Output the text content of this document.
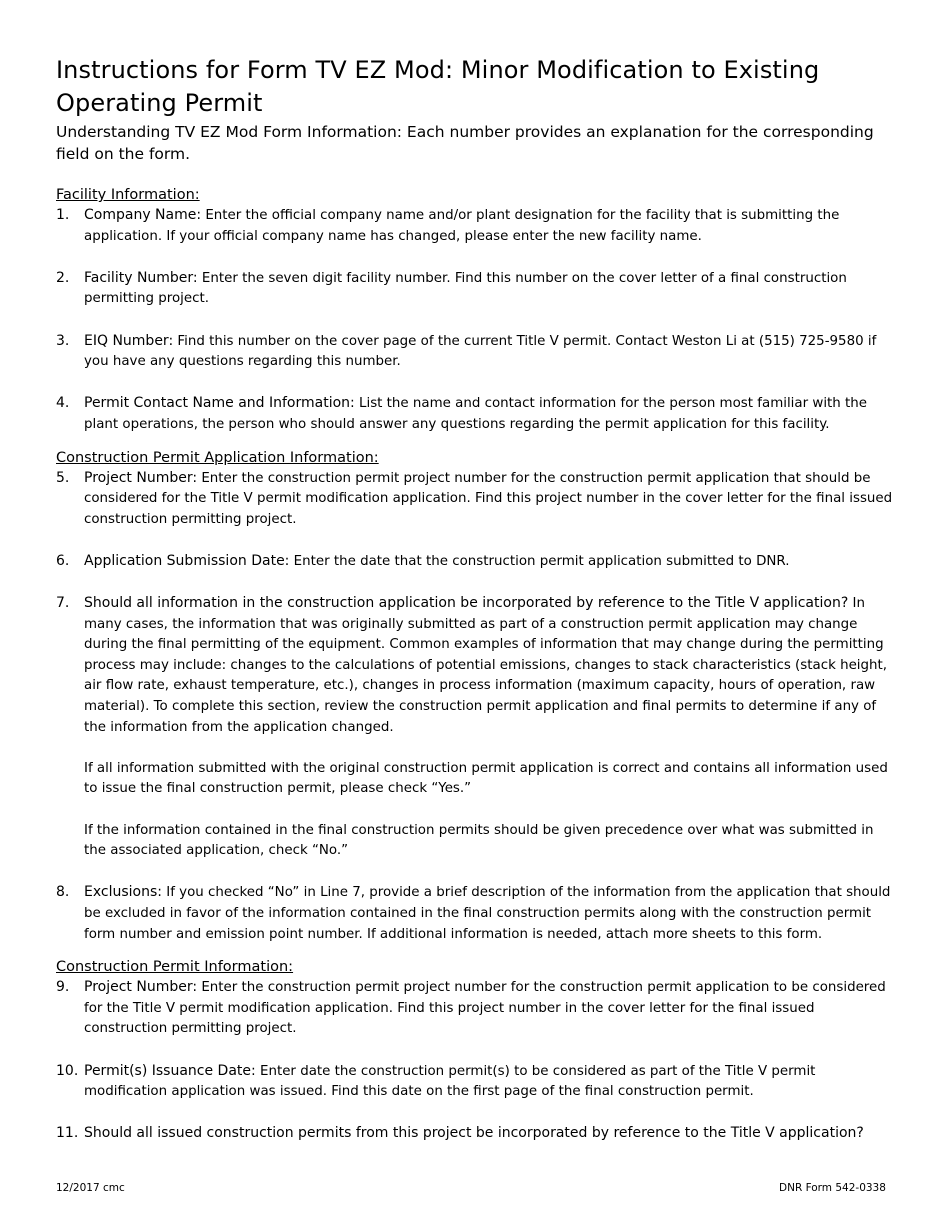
Instructions for Form TV EZ Mod: Minor Modification to Existing Operating Permit

Understanding TV EZ Mod Form Information: Each number provides an explanation for the corresponding field on the form.

Facility Information:
1. Company Name: Enter the official company name and/or plant designation for the facility that is submitting the application. If your official company name has changed, please enter the new facility name.
2. Facility Number: Enter the seven digit facility number. Find this number on the cover letter of a final construction permitting project.
3. EIQ Number: Find this number on the cover page of the current Title V permit. Contact Weston Li at (515) 725-9580 if you have any questions regarding this number.
4. Permit Contact Name and Information: List the name and contact information for the person most familiar with the plant operations, the person who should answer any questions regarding the permit application for this facility.
Construction Permit Application Information:
5. Project Number: Enter the construction permit project number for the construction permit application that should be considered for the Title V permit modification application. Find this project number in the cover letter for the final issued construction permitting project.
6. Application Submission Date: Enter the date that the construction permit application submitted to DNR.
7. Should all information in the construction application be incorporated by reference to the Title V application? In many cases, the information that was originally submitted as part of a construction permit application may change during the final permitting of the equipment. Common examples of information that may change during the permitting process may include: changes to the calculations of potential emissions, changes to stack characteristics (stack height, air flow rate, exhaust temperature, etc.), changes in process information (maximum capacity, hours of operation, raw material). To complete this section, review the construction permit application and final permits to determine if any of the information from the application changed.

If all information submitted with the original construction permit application is correct and contains all information used to issue the final construction permit, please check “Yes.”

If the information contained in the final construction permits should be given precedence over what was submitted in the associated application, check “No.”

8. Exclusions: If you checked “No” in Line 7, provide a brief description of the information from the application that should be excluded in favor of the information contained in the final construction permits along with the construction permit form number and emission point number. If additional information is needed, attach more sheets to this form.
Construction Permit Information:
9. Project Number: Enter the construction permit project number for the construction permit application to be considered for the Title V permit modification application. Find this project number in the cover letter for the final issued construction permitting project.
10. Permit(s) Issuance Date: Enter date the construction permit(s) to be considered as part of the Title V permit modification application was issued. Find this date on the first page of the final construction permit.
11. Should all issued construction permits from this project be incorporated by reference to the Title V application?
12/2017 cmc	DNR Form 542-0338
